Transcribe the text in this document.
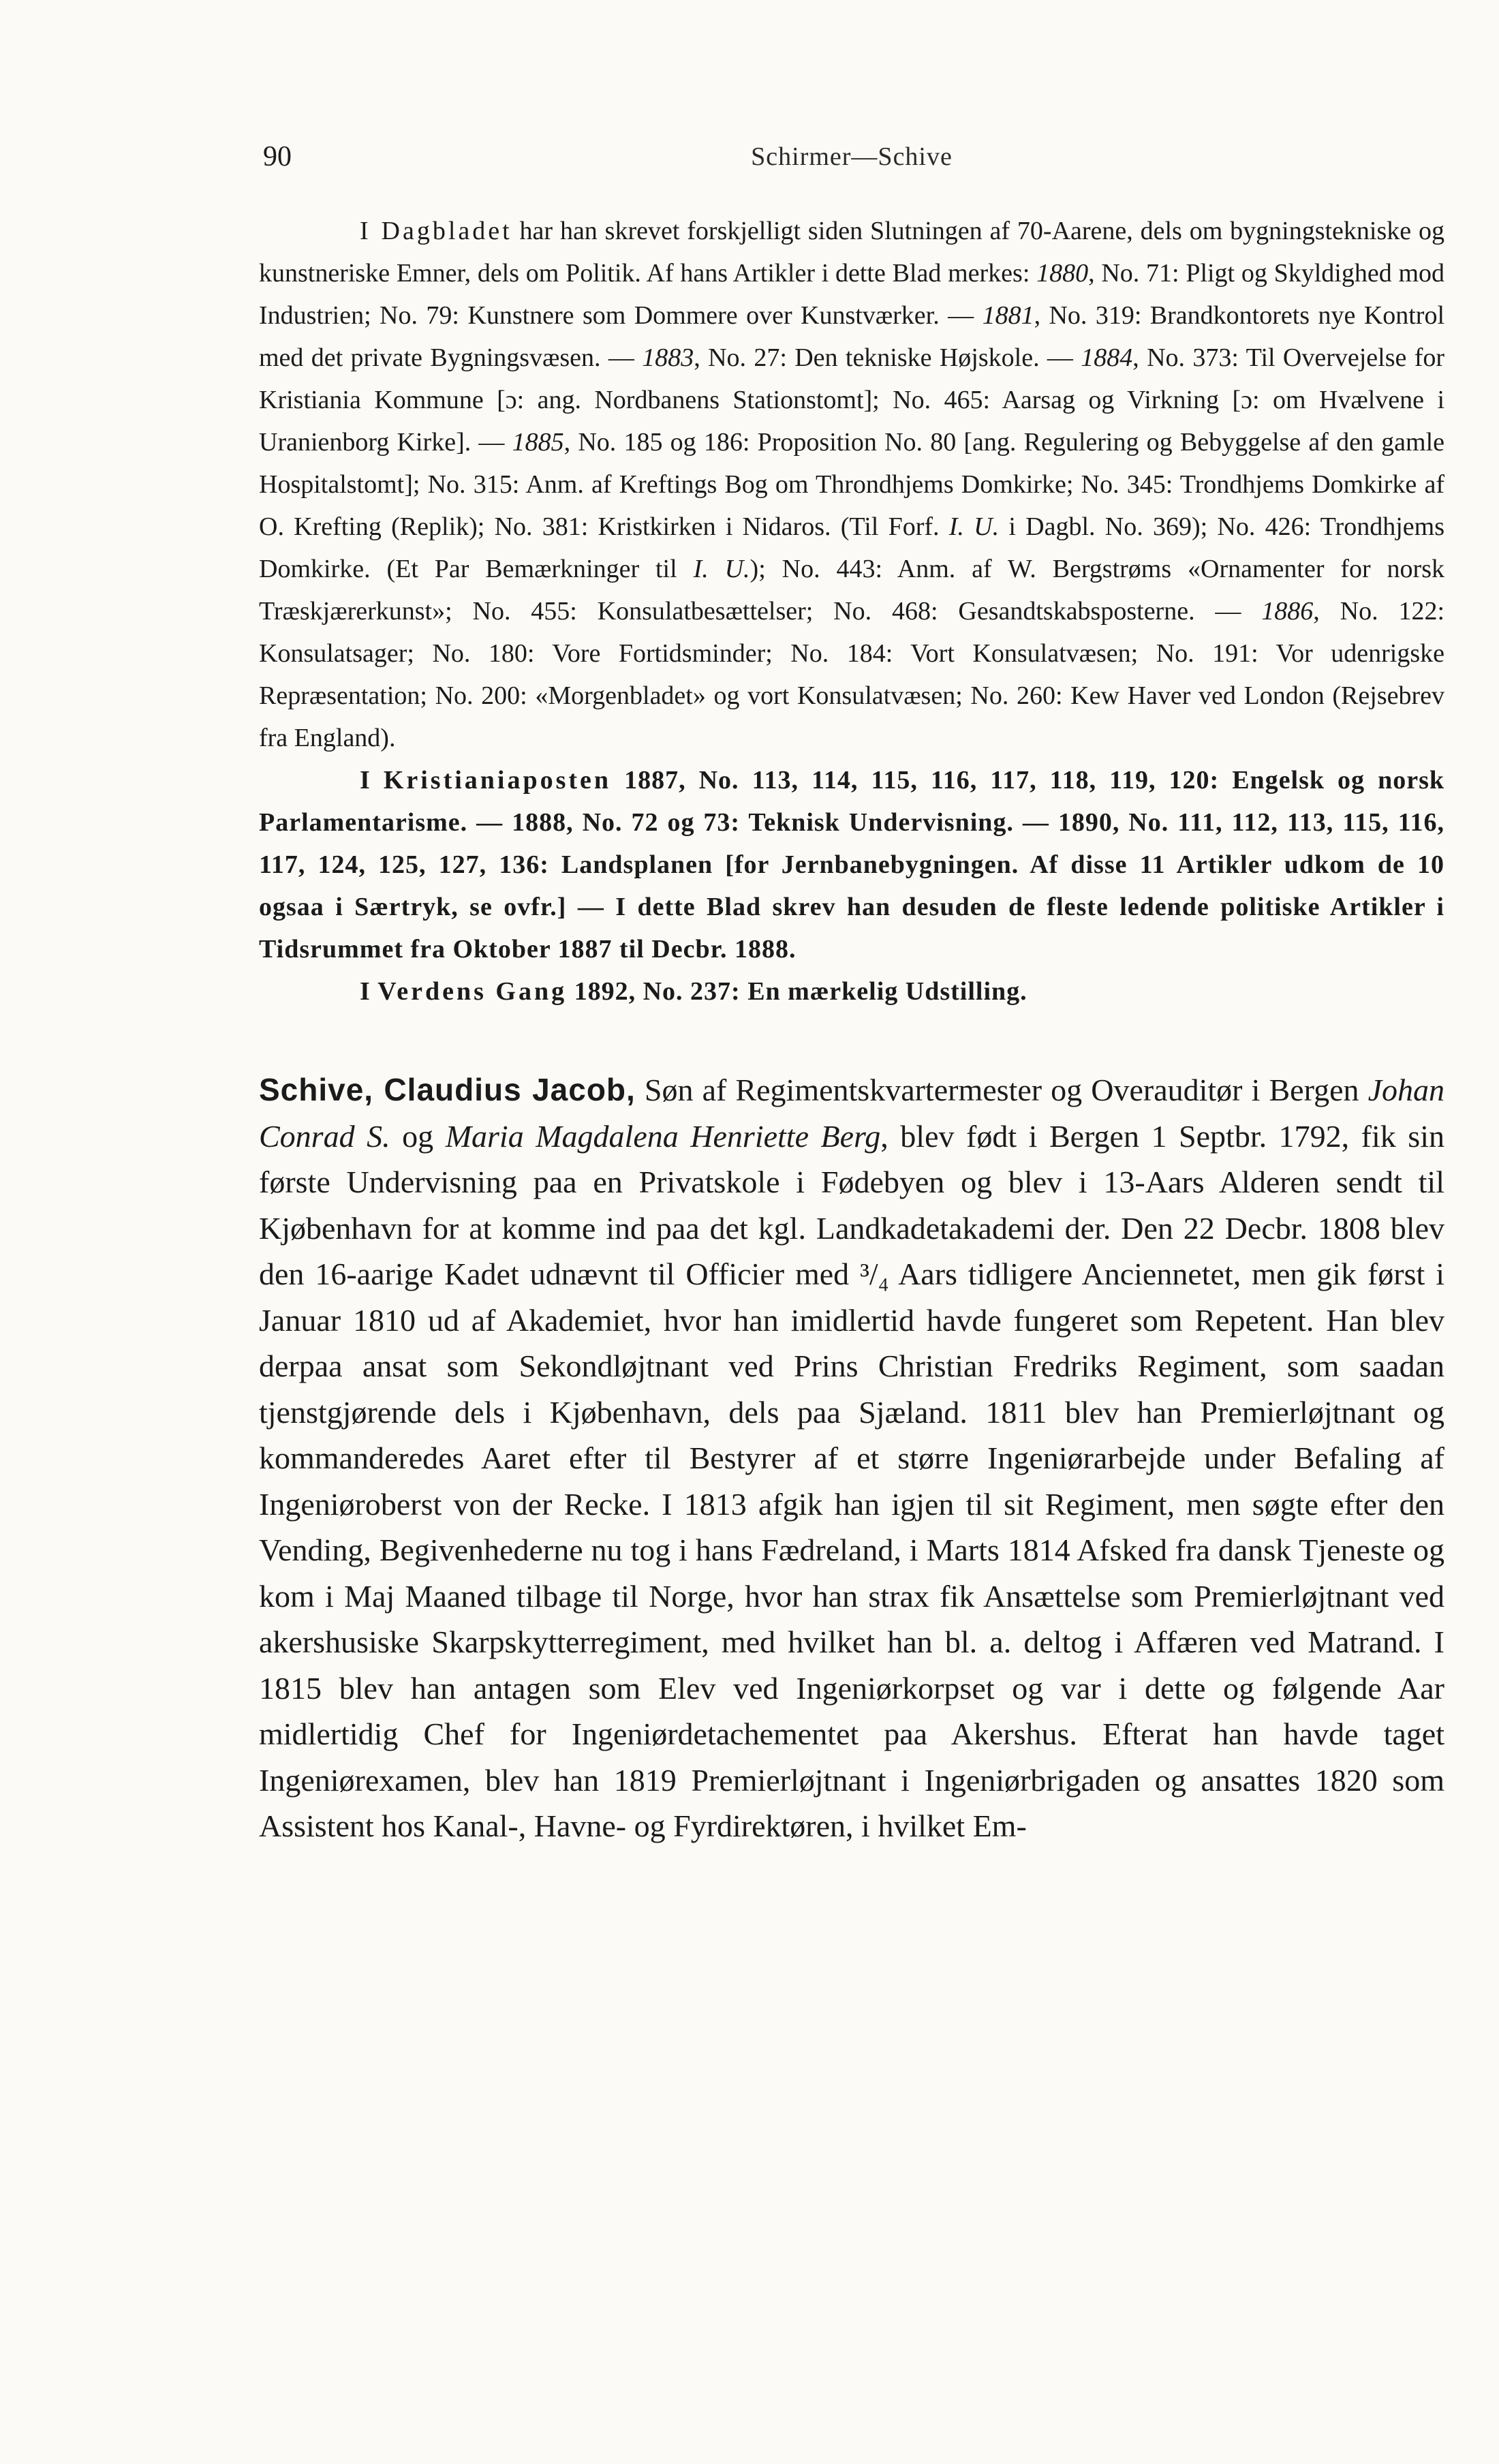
90	Schirmer—Schive

I Dagbladet har han skrevet forskjelligt siden Slutningen af 70-Aarene, dels om bygningstekniske og kunstneriske Emner, dels om Politik. Af hans Artikler i dette Blad merkes: 1880, No. 71: Pligt og Skyldighed mod Industrien; No. 79: Kunstnere som Dommere over Kunstværker. — 1881, No. 319: Brandkontorets nye Kontrol med det private Bygningsvæsen. — 1883, No. 27: Den tekniske Højskole. — 1884, No. 373: Til Overvejelse for Kristiania Kommune [ɔ: ang. Nordbanens Stationstomt]; No. 465: Aarsag og Virkning [ɔ: om Hvælvene i Uranienborg Kirke]. — 1885, No. 185 og 186: Proposition No. 80 [ang. Regulering og Bebyggelse af den gamle Hospitalstomt]; No. 315: Anm. af Kreftings Bog om Throndhjems Domkirke; No. 345: Trondhjems Domkirke af O. Krefting (Replik); No. 381: Kristkirken i Nidaros. (Til Forf. I. U. i Dagbl. No. 369); No. 426: Trondhjems Domkirke. (Et Par Bemærkninger til I. U.); No. 443: Anm. af W. Bergstrøms «Ornamenter for norsk Træskjærerkunst»; No. 455: Konsulatbesættelser; No. 468: Gesandtskabsposterne. — 1886, No. 122: Konsulatsager; No. 180: Vore Fortidsminder; No. 184: Vort Konsulatvæsen; No. 191: Vor udenrigske Repræsentation; No. 200: «Morgenbladet» og vort Konsulatvæsen; No. 260: Kew Haver ved London (Rejsebrev fra England).

I Kristianiaposten 1887, No. 113, 114, 115, 116, 117, 118, 119, 120: Engelsk og norsk Parlamentarisme. — 1888, No. 72 og 73: Teknisk Undervisning. — 1890, No. 111, 112, 113, 115, 116, 117, 124, 125, 127, 136: Landsplanen [for Jernbanebygningen. Af disse 11 Artikler udkom de 10 ogsaa i Særtryk, se ovfr.] — I dette Blad skrev han desuden de fleste ledende politiske Artikler i Tidsrummet fra Oktober 1887 til Decbr. 1888.

I Verdens Gang 1892, No. 237: En mærkelig Udstilling.

Schive, Claudius Jacob, Søn af Regimentskvartermester og Overauditør i Bergen Johan Conrad S. og Maria Magdalena Henriette Berg, blev født i Bergen 1 Septbr. 1792, fik sin første Undervisning paa en Privatskole i Fødebyen og blev i 13-Aars Alderen sendt til Kjøbenhavn for at komme ind paa det kgl. Landkadetakademi der. Den 22 Decbr. 1808 blev den 16-aarige Kadet udnævnt til Officier med ³/₄ Aars tidligere Anciennetet, men gik først i Januar 1810 ud af Akademiet, hvor han imidlertid havde fungeret som Repetent. Han blev derpaa ansat som Sekondløjtnant ved Prins Christian Fredriks Regiment, som saadan tjenstgjørende dels i Kjøbenhavn, dels paa Sjæland. 1811 blev han Premierløjtnant og kommanderedes Aaret efter til Bestyrer af et større Ingeniørarbejde under Befaling af Ingeniøroberst von der Recke. I 1813 afgik han igjen til sit Regiment, men søgte efter den Vending, Begivenhederne nu tog i hans Fædreland, i Marts 1814 Afsked fra dansk Tjeneste og kom i Maj Maaned tilbage til Norge, hvor han strax fik Ansættelse som Premierløjtnant ved akershusiske Skarpskytterregiment, med hvilket han bl. a. deltog i Affæren ved Matrand. I 1815 blev han antagen som Elev ved Ingeniørkorpset og var i dette og følgende Aar midlertidig Chef for Ingeniørdetachementet paa Akershus. Efterat han havde taget Ingeniørexamen, blev han 1819 Premierløjtnant i Ingeniørbrigaden og ansattes 1820 som Assistent hos Kanal-, Havne- og Fyrdirektøren, i hvilket Em-
